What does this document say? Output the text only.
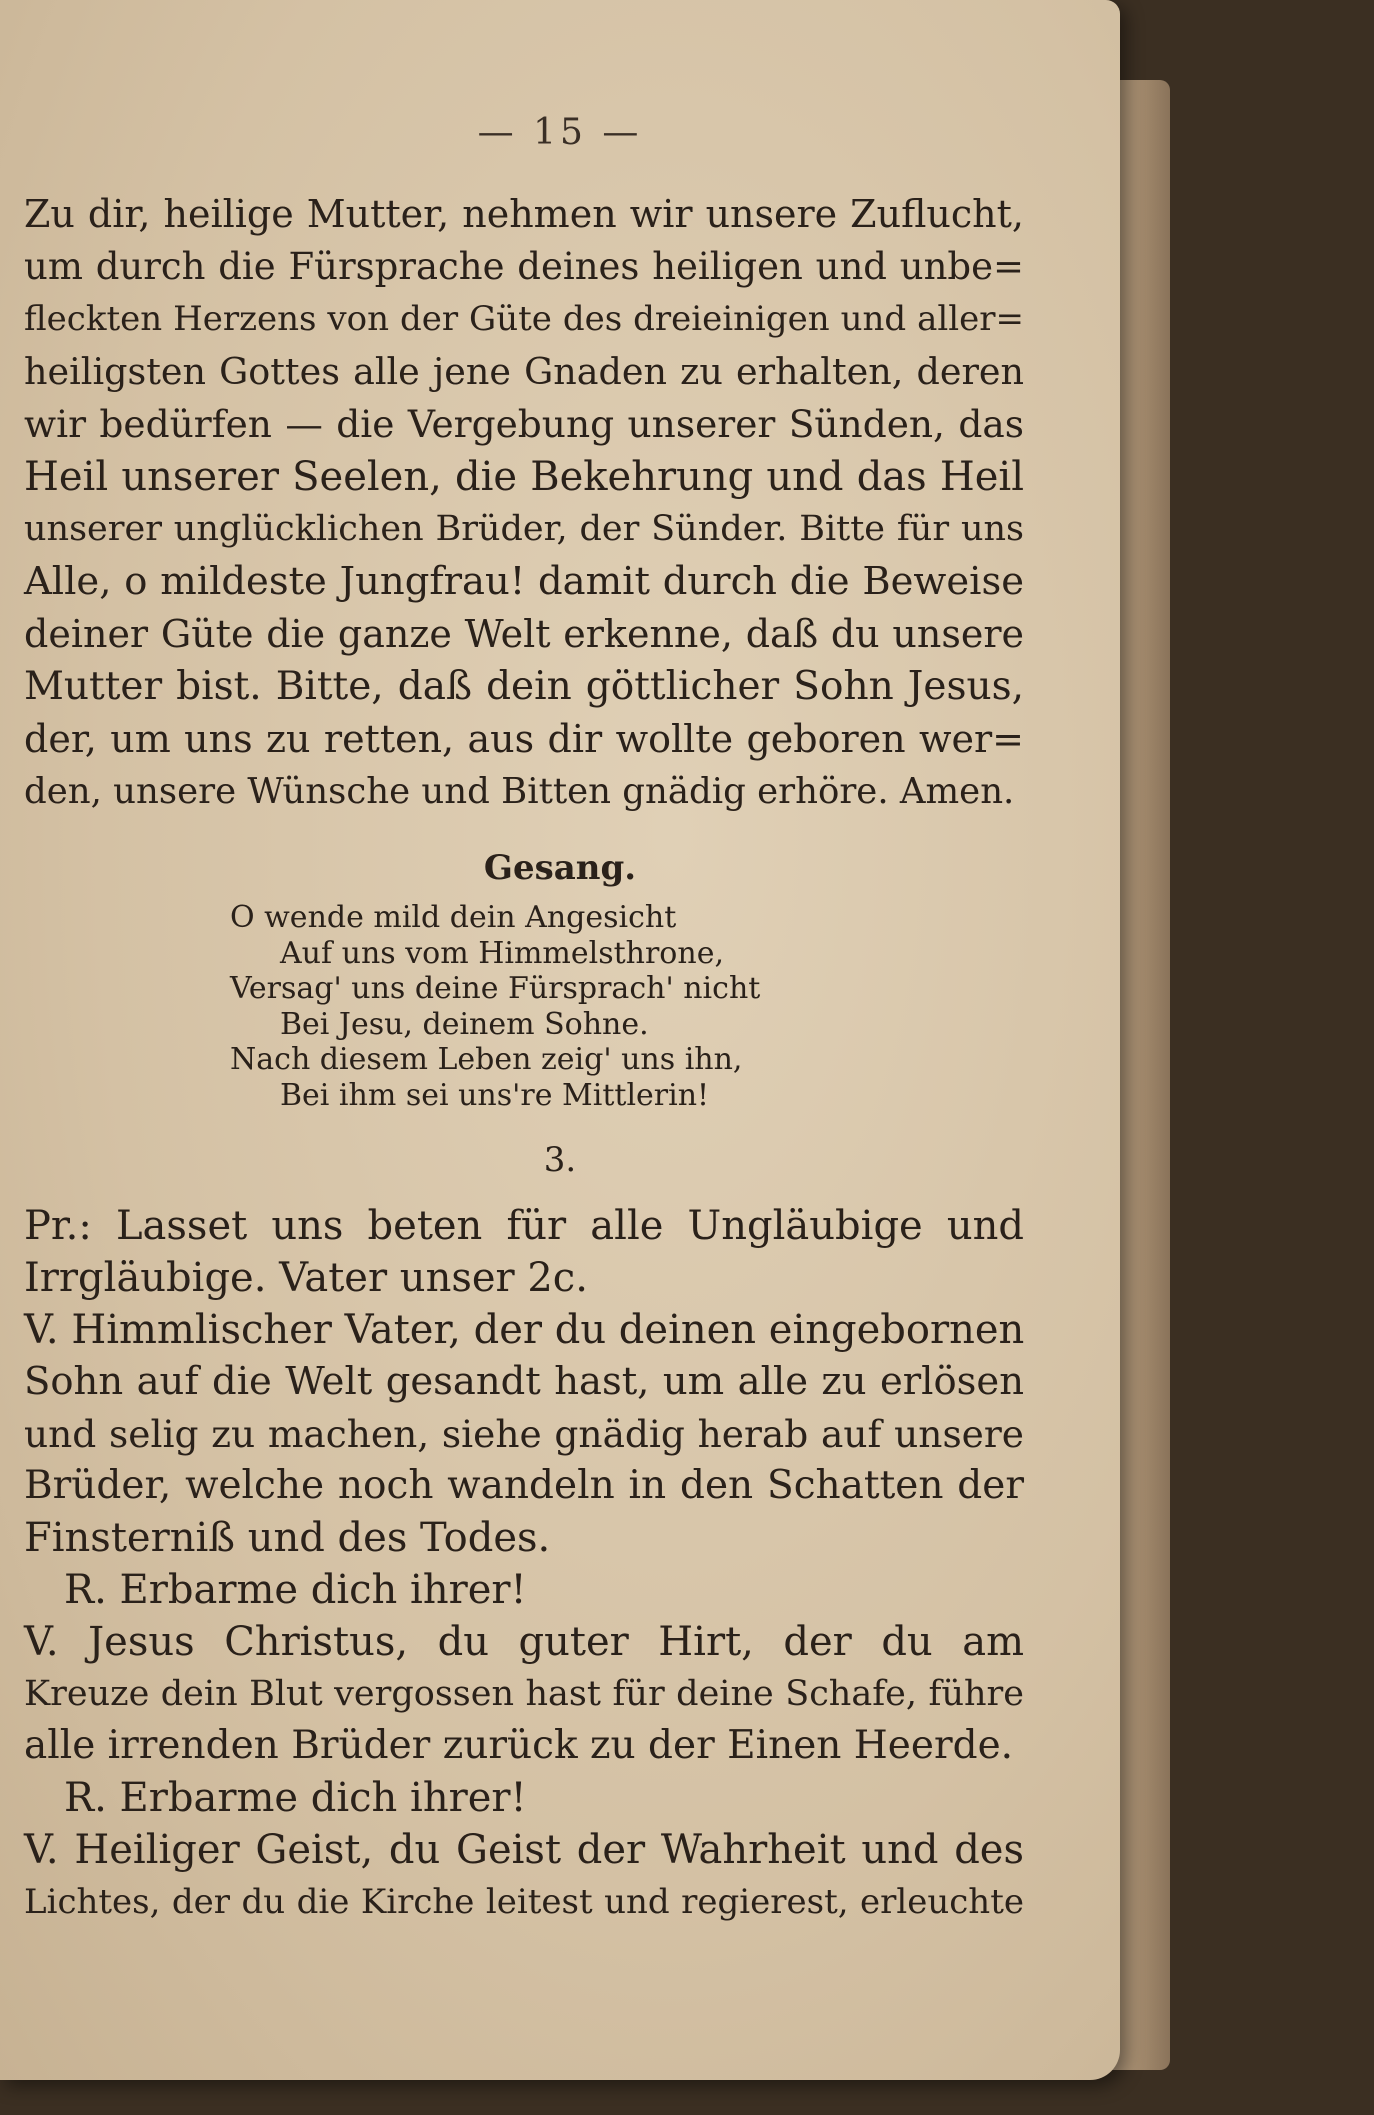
— 15 —
Zu dir, heilige Mutter, nehmen wir unsere Zuflucht,
um durch die Fürsprache deines heiligen und unbe=
fleckten Herzens von der Güte des dreieinigen und aller=
heiligsten Gottes alle jene Gnaden zu erhalten, deren
wir bedürfen — die Vergebung unserer Sünden, das
Heil unserer Seelen, die Bekehrung und das Heil
unserer unglücklichen Brüder, der Sünder. Bitte für uns
Alle, o mildeste Jungfrau! damit durch die Beweise
deiner Güte die ganze Welt erkenne, daß du unsere
Mutter bist. Bitte, daß dein göttlicher Sohn Jesus,
der, um uns zu retten, aus dir wollte geboren wer=
den, unsere Wünsche und Bitten gnädig erhöre. Amen.
Gesang.
O wende mild dein Angesicht
Auf uns vom Himmelsthrone,
Versag' uns deine Fürsprach' nicht
Bei Jesu, deinem Sohne.
Nach diesem Leben zeig' uns ihn,
Bei ihm sei uns're Mittlerin!
3.
Pr.: Lasset uns beten für alle Ungläubige und
Irrgläubige. Vater unser 2c.
V. Himmlischer Vater, der du deinen eingebornen
Sohn auf die Welt gesandt hast, um alle zu erlösen
und selig zu machen, siehe gnädig herab auf unsere
Brüder, welche noch wandeln in den Schatten der
Finsterniß und des Todes.
R. Erbarme dich ihrer!
V. Jesus Christus, du guter Hirt, der du am
Kreuze dein Blut vergossen hast für deine Schafe, führe
alle irrenden Brüder zurück zu der Einen Heerde.
R. Erbarme dich ihrer!
V. Heiliger Geist, du Geist der Wahrheit und des
Lichtes, der du die Kirche leitest und regierest, erleuchte
